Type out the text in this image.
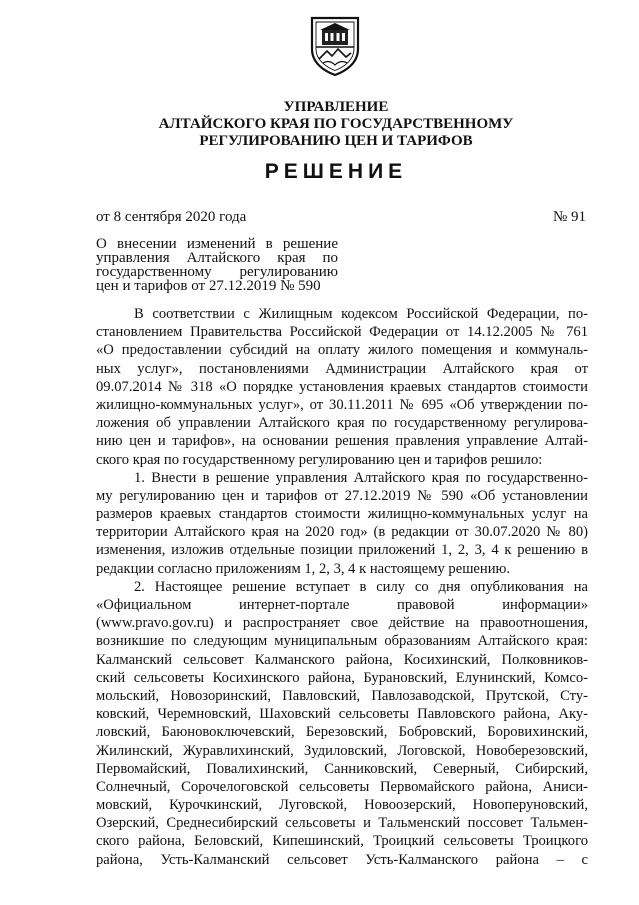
УПРАВЛЕНИЕ
АЛТАЙСКОГО КРАЯ ПО ГОСУДАРСТВЕННОМУ
РЕГУЛИРОВАНИЮ ЦЕН И ТАРИФОВ
РЕШЕНИЕ
от 8 сентября 2020 года	№ 91
О внесении изменений в решение
управления Алтайского края по
государственному регулированию
цен и тарифов от 27.12.2019 № 590
В соответствии с Жилищным кодексом Российской Федерации, по-
становлением Правительства Российской Федерации от 14.12.2005 № 761
«О предоставлении субсидий на оплату жилого помещения и коммуналь-
ных услуг», постановлениями Администрации Алтайского края от
09.07.2014 № 318 «О порядке установления краевых стандартов стоимости
жилищно-коммунальных услуг», от 30.11.2011 № 695 «Об утверждении по-
ложения об управлении Алтайского края по государственному регулирова-
нию цен и тарифов», на основании решения правления управление Алтай-
ского края по государственному регулированию цен и тарифов решило:
1. Внести в решение управления Алтайского края по государственно-
му регулированию цен и тарифов от 27.12.2019 № 590 «Об установлении
размеров краевых стандартов стоимости жилищно-коммунальных услуг на
территории Алтайского края на 2020 год» (в редакции от 30.07.2020 № 80)
изменения, изложив отдельные позиции приложений 1, 2, 3, 4 к решению в
редакции согласно приложениям 1, 2, 3, 4 к настоящему решению.
2. Настоящее решение вступает в силу со дня опубликования на
«Официальном интернет-портале правовой информации»
(www.pravo.gov.ru) и распространяет свое действие на правоотношения,
возникшие по следующим муниципальным образованиям Алтайского края:
Калманский сельсовет Калманского района, Косихинский, Полковников-
ский сельсоветы Косихинского района, Бурановский, Елунинский, Комсо-
мольский, Новозоринский, Павловский, Павлозаводской, Прутской, Сту-
ковский, Черемновский, Шаховский сельсоветы Павловского района, Аку-
ловский, Баюновоключевский, Березовский, Бобровский, Боровихинский,
Жилинский, Журавлихинский, Зудиловский, Логовской, Новоберезовский,
Первомайский, Повалихинский, Санниковский, Северный, Сибирский,
Солнечный, Сорочелоговской сельсоветы Первомайского района, Аниси-
мовский, Курочкинский, Луговской, Новоозерский, Новоперуновский,
Озерский, Среднесибирский сельсоветы и Тальменский поссовет Тальмен-
ского района, Беловский, Кипешинский, Троицкий сельсоветы Троицкого
района, Усть-Калманский сельсовет Усть-Калманского района – с
